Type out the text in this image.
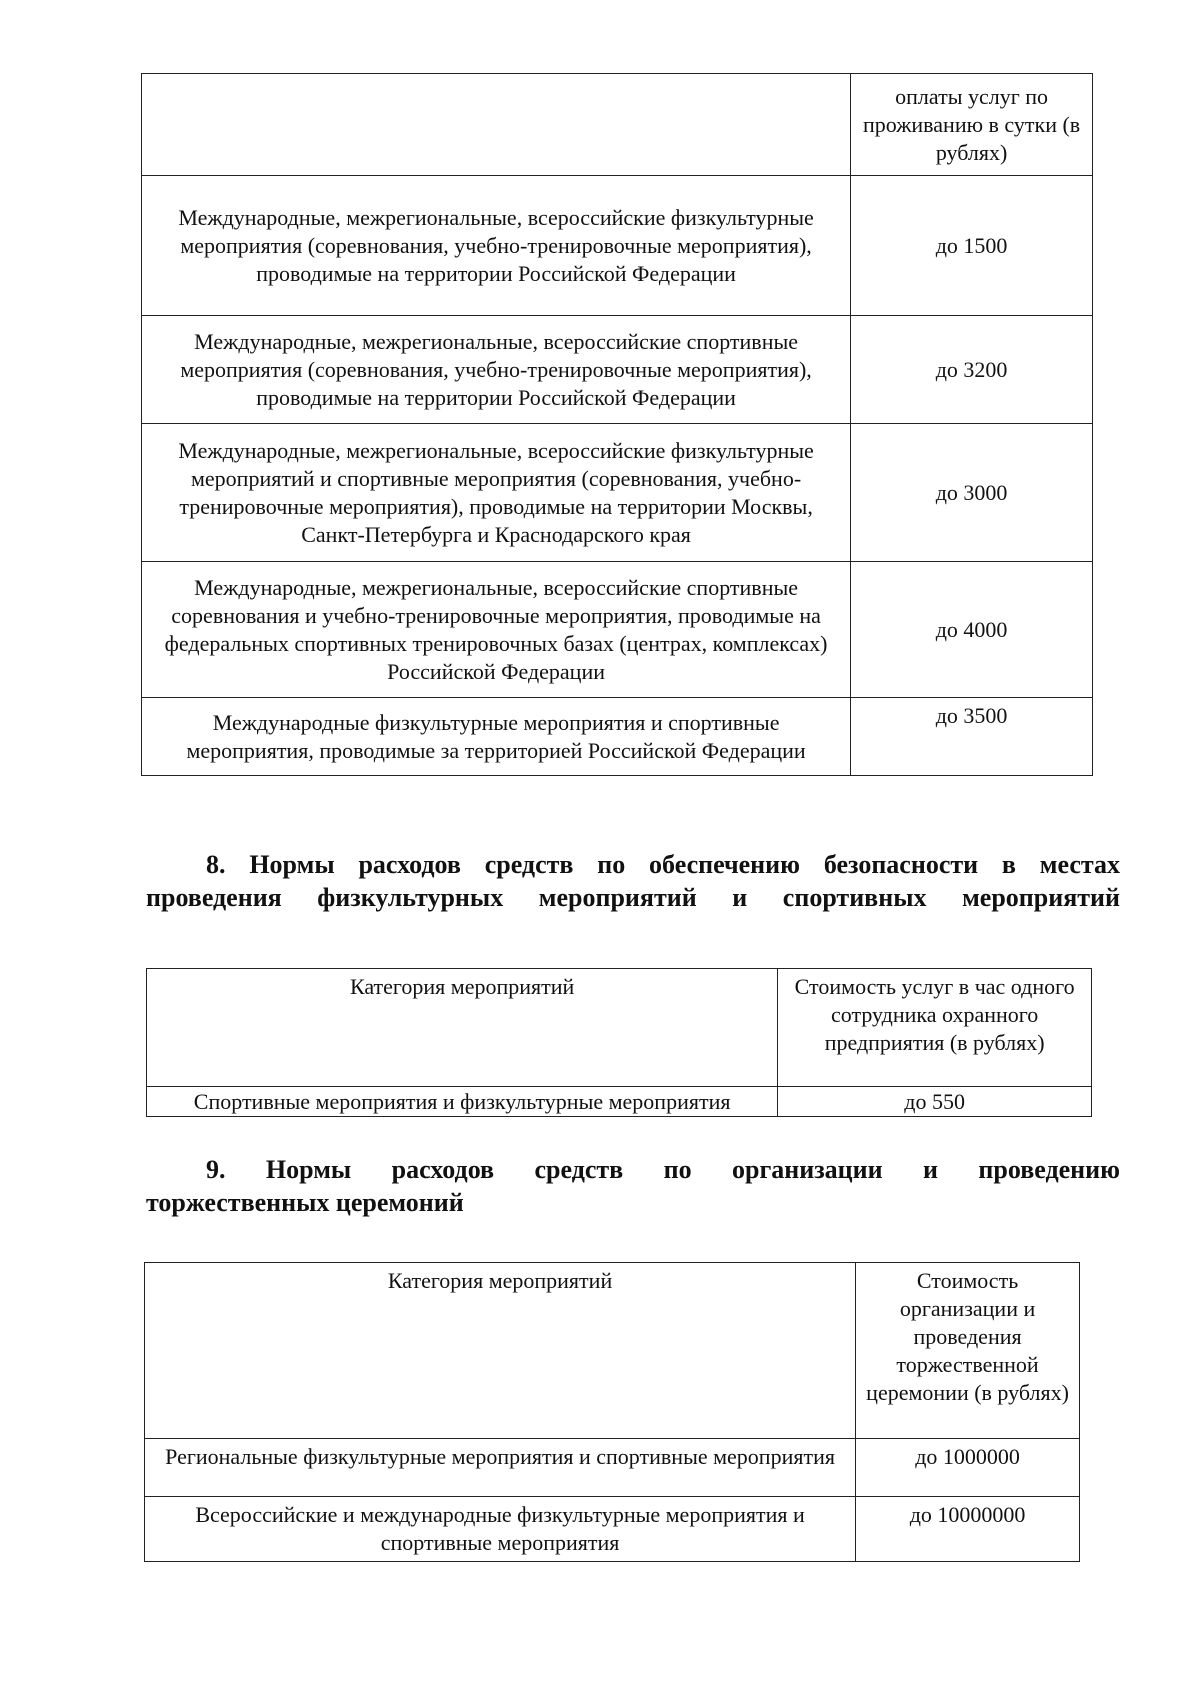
	оплаты услуг по проживанию в сутки (в рублях)
Международные, межрегиональные, всероссийские физкультурные мероприятия (соревнования, учебно-тренировочные мероприятия), проводимые на территории Российской Федерации	до 1500
Международные, межрегиональные, всероссийские спортивные мероприятия (соревнования, учебно-тренировочные мероприятия), проводимые на территории Российской Федерации	до 3200
Международные, межрегиональные, всероссийские физкультурные мероприятий и спортивные мероприятия (соревнования, учебно-тренировочные мероприятия), проводимые на территории Москвы, Санкт-Петербурга и Краснодарского края	до 3000
Международные, межрегиональные, всероссийские спортивные соревнования и учебно-тренировочные мероприятия, проводимые на федеральных спортивных тренировочных базах (центрах, комплексах) Российской Федерации	до 4000
Международные физкультурные мероприятия и спортивные мероприятия, проводимые за территорией Российской Федерации	до 3500
8. Нормы расходов средств по обеспечению безопасности в местах
проведения физкультурных мероприятий и спортивных мероприятий
Категория мероприятий	Стоимость услуг в час одного сотрудника охранного предприятия (в рублях)
Спортивные мероприятия и физкультурные мероприятия	до 550
9. Нормы расходов средств по организации и проведению
торжественных церемоний
Категория мероприятий	Стоимость организации и проведения торжественной церемонии (в рублях)
Региональные физкультурные мероприятия и спортивные мероприятия	до 1000000
Всероссийские и международные физкультурные мероприятия и спортивные мероприятия	до 10000000
